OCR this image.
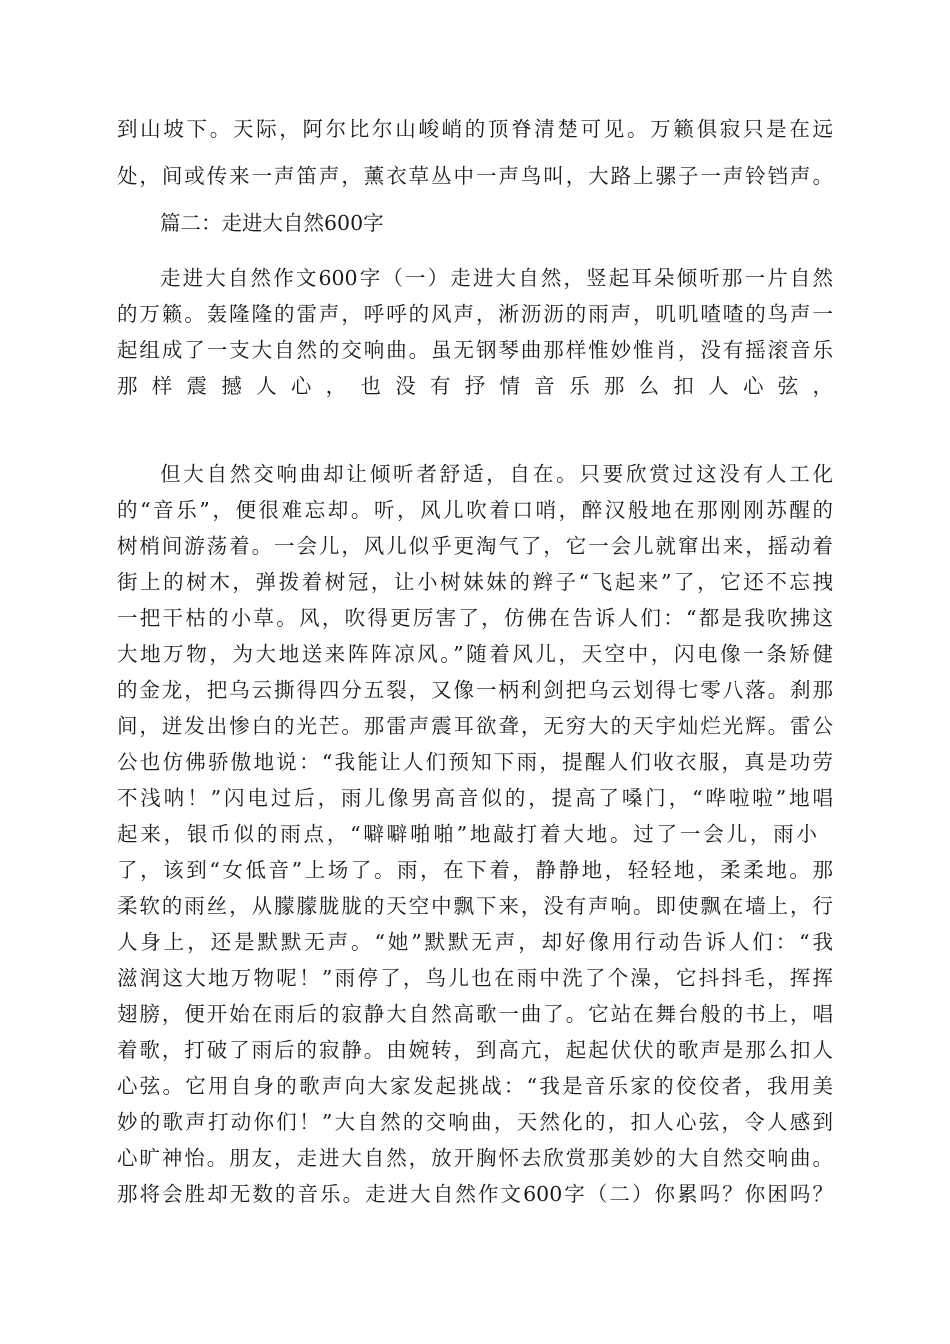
到山坡下。天际，阿尔比尔山峻峭的顶脊清楚可见。万籁俱寂只是在远

处，间或传来一声笛声，薰衣草丛中一声鸟叫，大路上骡子一声铃铛声。

篇二：走进大自然600字

走进大自然作文600字（一）走进大自然，竖起耳朵倾听那一片自然

的万籁。轰隆隆的雷声，呼呼的风声，淅沥沥的雨声，叽叽喳喳的鸟声一

起组成了一支大自然的交响曲。虽无钢琴曲那样惟妙惟肖，没有摇滚音乐

那样震撼人心，也没有抒情音乐那么扣人心弦，

但大自然交响曲却让倾听者舒适，自在。只要欣赏过这没有人工化

的“音乐”，便很难忘却。听，风儿吹着口哨，醉汉般地在那刚刚苏醒的

树梢间游荡着。一会儿，风儿似乎更淘气了，它一会儿就窜出来，摇动着

街上的树木，弹拨着树冠，让小树妹妹的辫子“飞起来”了，它还不忘拽

一把干枯的小草。风，吹得更厉害了，仿佛在告诉人们：“都是我吹拂这

大地万物，为大地送来阵阵凉风。”随着风儿，天空中，闪电像一条矫健

的金龙，把乌云撕得四分五裂，又像一柄利剑把乌云划得七零八落。刹那

间，迸发出惨白的光芒。那雷声震耳欲聋，无穷大的天宇灿烂光辉。雷公

公也仿佛骄傲地说：“我能让人们预知下雨，提醒人们收衣服，真是功劳

不浅呐！”闪电过后，雨儿像男高音似的，提高了嗓门，“哗啦啦”地唱

起来，银币似的雨点，“噼噼啪啪”地敲打着大地。过了一会儿，雨小

了，该到“女低音”上场了。雨，在下着，静静地，轻轻地，柔柔地。那

柔软的雨丝，从朦朦胧胧的天空中飘下来，没有声响。即使飘在墙上，行

人身上，还是默默无声。“她”默默无声，却好像用行动告诉人们：“我

滋润这大地万物呢！”雨停了，鸟儿也在雨中洗了个澡，它抖抖毛，挥挥

翅膀，便开始在雨后的寂静大自然高歌一曲了。它站在舞台般的书上，唱

着歌，打破了雨后的寂静。由婉转，到高亢，起起伏伏的歌声是那么扣人

心弦。它用自身的歌声向大家发起挑战：“我是音乐家的佼佼者，我用美

妙的歌声打动你们！”大自然的交响曲，天然化的，扣人心弦，令人感到

心旷神怡。朋友，走进大自然，放开胸怀去欣赏那美妙的大自然交响曲。

那将会胜却无数的音乐。走进大自然作文600字（二）你累吗？你困吗？
